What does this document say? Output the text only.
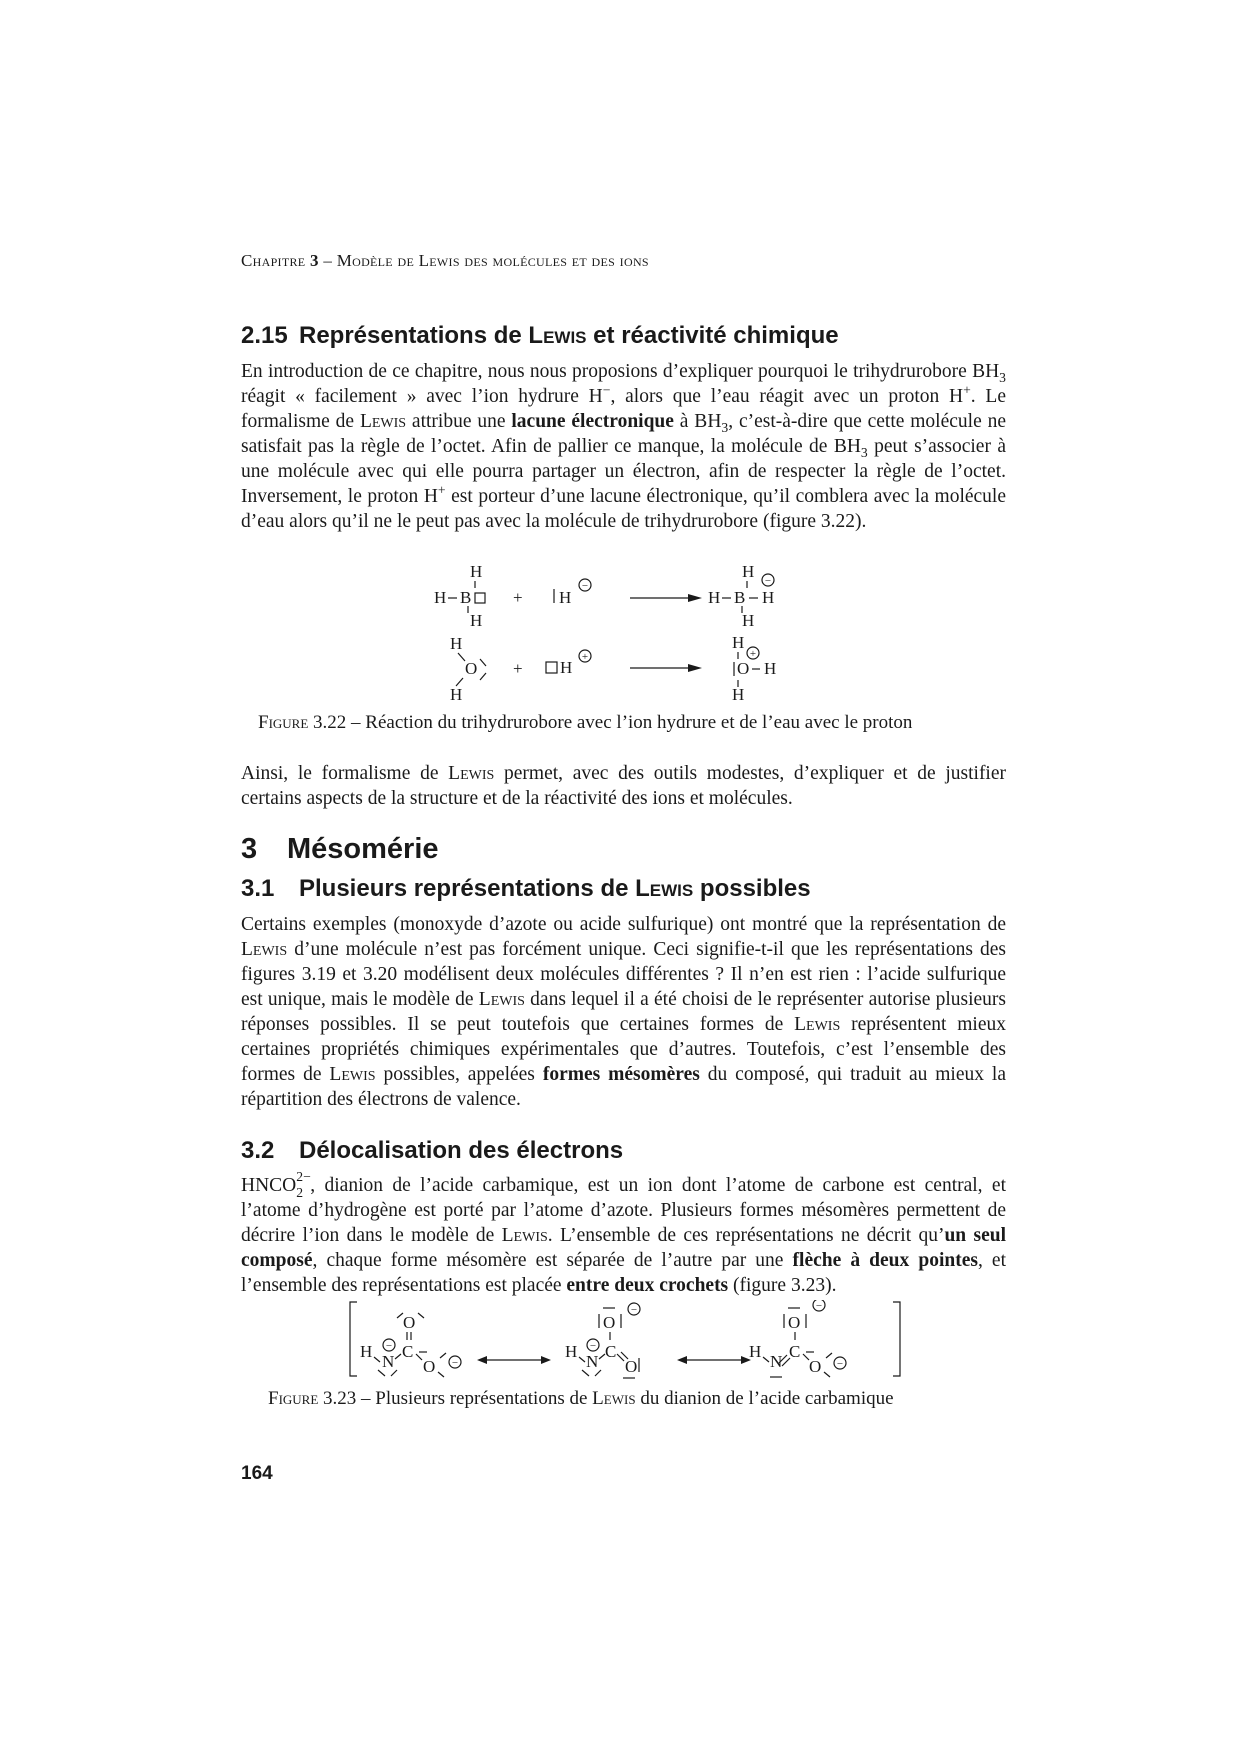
Chapitre 3 – Modèle de Lewis des molécules et des ions
2.15 Représentations de Lewis et réactivité chimique

En introduction de ce chapitre, nous nous proposions d’expliquer pourquoi le trihydrurobore $BH_3$ réagit « facilement » avec l’ion hydrure H−, alors que l’eau réagit avec un proton H+. Le formalisme de Lewis attribue une lacune électronique à $BH_3$, c’est-à-dire que cette molécule ne satisfait pas la règle de l’octet. Afin de pallier ce manque, la molécule de $BH_3$ peut s’associer à une molécule avec qui elle pourra partager un électron, afin de respecter la règle de l’octet. Inversement, le proton H+ est porteur d’une lacune électronique, qu’il comblera avec la molécule d’eau alors qu’il ne le peut pas avec la molécule de trihydrurobore (figure 3.22).

H
H B
H
+ H
−
H −
H B H
H
H
O
H
+ H
+
H
+
O H
H
Figure 3.22 – Réaction du trihydrurobore avec l’ion hydrure et de l’eau avec le proton

Ainsi, le formalisme de Lewis permet, avec des outils modestes, d’expliquer et de justifier certains aspects de la structure et de la réactivité des ions et molécules.

3 Mésomérie
3.1 Plusieurs représentations de Lewis possibles

Certains exemples (monoxyde d’azote ou acide sulfurique) ont montré que la représentation de Lewis d’une molécule n’est pas forcément unique. Ceci signifie-t-il que les représentations des figures 3.19 et 3.20 modélisent deux molécules différentes ? Il n’en est rien : l’acide sulfurique est unique, mais le modèle de Lewis dans lequel il a été choisi de le représenter autorise plusieurs réponses possibles. Il se peut toutefois que certaines formes de Lewis représentent mieux certaines propriétés chimiques expérimentales que d’autres. Toutefois, c’est l’ensemble des formes de Lewis possibles, appelées formes mésomères du composé, qui traduit au mieux la répartition des électrons de valence.

3.2 Délocalisation des électrons

HNCO 2−
2 , dianion de l’acide carbamique, est un ion dont l’atome de carbone est central, et l’atome d’hydrogène est porté par l’atome d’azote. Plusieurs formes mésomères permettent de décrire l’ion dans le modèle de Lewis. L’ensemble de ces représentations ne décrit qu’un seul composé, chaque forme mésomère est séparée de l’autre par une flèche à deux pointes, et l’ensemble des représentations est placée entre deux crochets (figure 3.23).

O
H −
N
C
O −
O
−
H −
N
C
O
O
−
H
N
C
O −
Figure 3.23 – Plusieurs représentations de Lewis du dianion de l’acide carbamique
164
